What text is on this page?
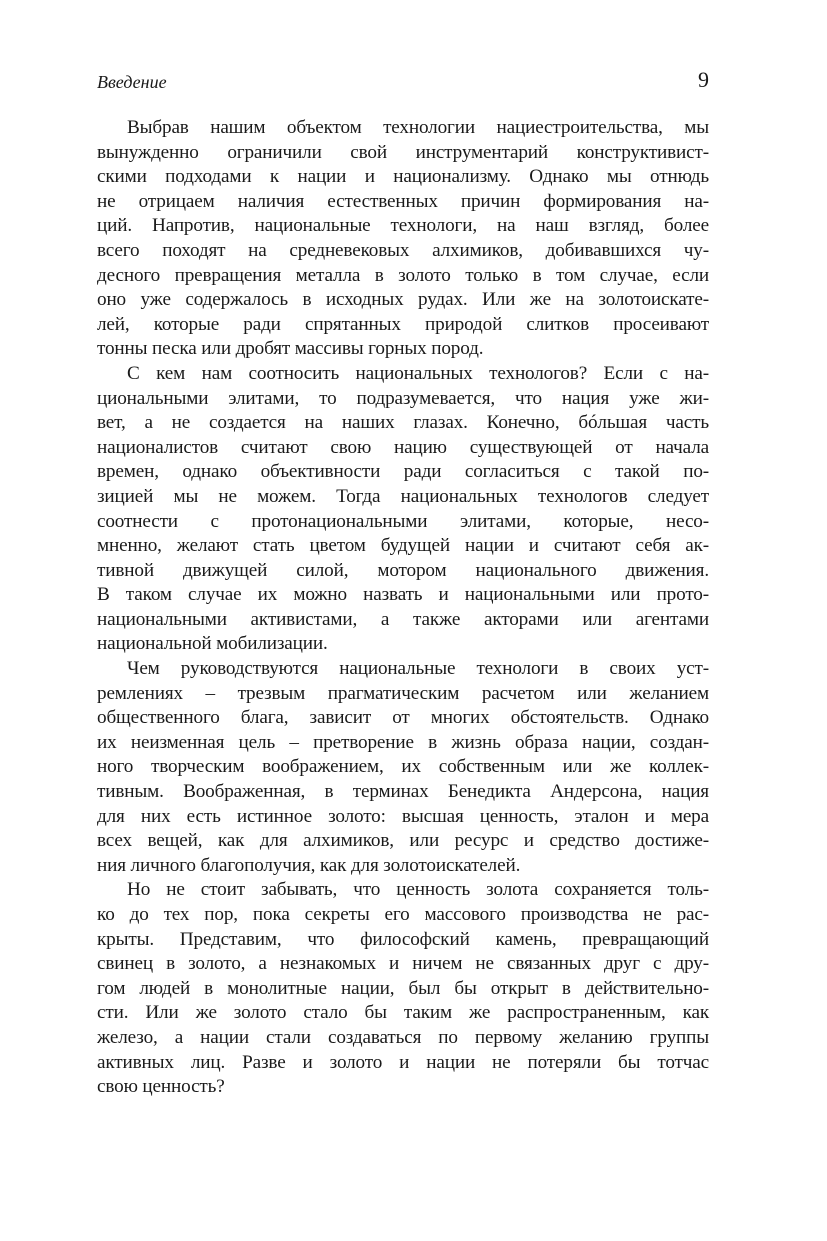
Введение	9
Выбрав нашим объектом технологии нациестроительства, мы
вынужденно ограничили свой инструментарий конструктивист-
скими подходами к нации и национализму. Однако мы отнюдь
не отрицаем наличия естественных причин формирования на-
ций. Напротив, национальные технологи, на наш взгляд, более
всего походят на средневековых алхимиков, добивавшихся чу-
десного превращения металла в золото только в том случае, если
оно уже содержалось в исходных рудах. Или же на золотоискате-
лей, которые ради спрятанных природой слитков просеивают
тонны песка или дробят массивы горных пород.
С кем нам соотносить национальных технологов? Если с на-
циональными элитами, то подразумевается, что нация уже жи-
вет, а не создается на наших глазах. Конечно, бóльшая часть
националистов считают свою нацию существующей от начала
времен, однако объективности ради согласиться с такой по-
зицией мы не можем. Тогда национальных технологов следует
соотнести с протонациональными элитами, которые, несо-
мненно, желают стать цветом будущей нации и считают себя ак-
тивной движущей силой, мотором национального движения.
В таком случае их можно назвать и национальными или прото-
национальными активистами, а также акторами или агентами
национальной мобилизации.
Чем руководствуются национальные технологи в своих уст-
ремлениях – трезвым прагматическим расчетом или желанием
общественного блага, зависит от многих обстоятельств. Однако
их неизменная цель – претворение в жизнь образа нации, создан-
ного творческим воображением, их собственным или же коллек-
тивным. Воображенная, в терминах Бенедикта Андерсона, нация
для них есть истинное золото: высшая ценность, эталон и мера
всех вещей, как для алхимиков, или ресурс и средство достиже-
ния личного благополучия, как для золотоискателей.
Но не стоит забывать, что ценность золота сохраняется толь-
ко до тех пор, пока секреты его массового производства не рас-
крыты. Представим, что философский камень, превращающий
свинец в золото, а незнакомых и ничем не связанных друг с дру-
гом людей в монолитные нации, был бы открыт в действительно-
сти. Или же золото стало бы таким же распространенным, как
железо, а нации стали создаваться по первому желанию группы
активных лиц. Разве и золото и нации не потеряли бы тотчас
свою ценность?
